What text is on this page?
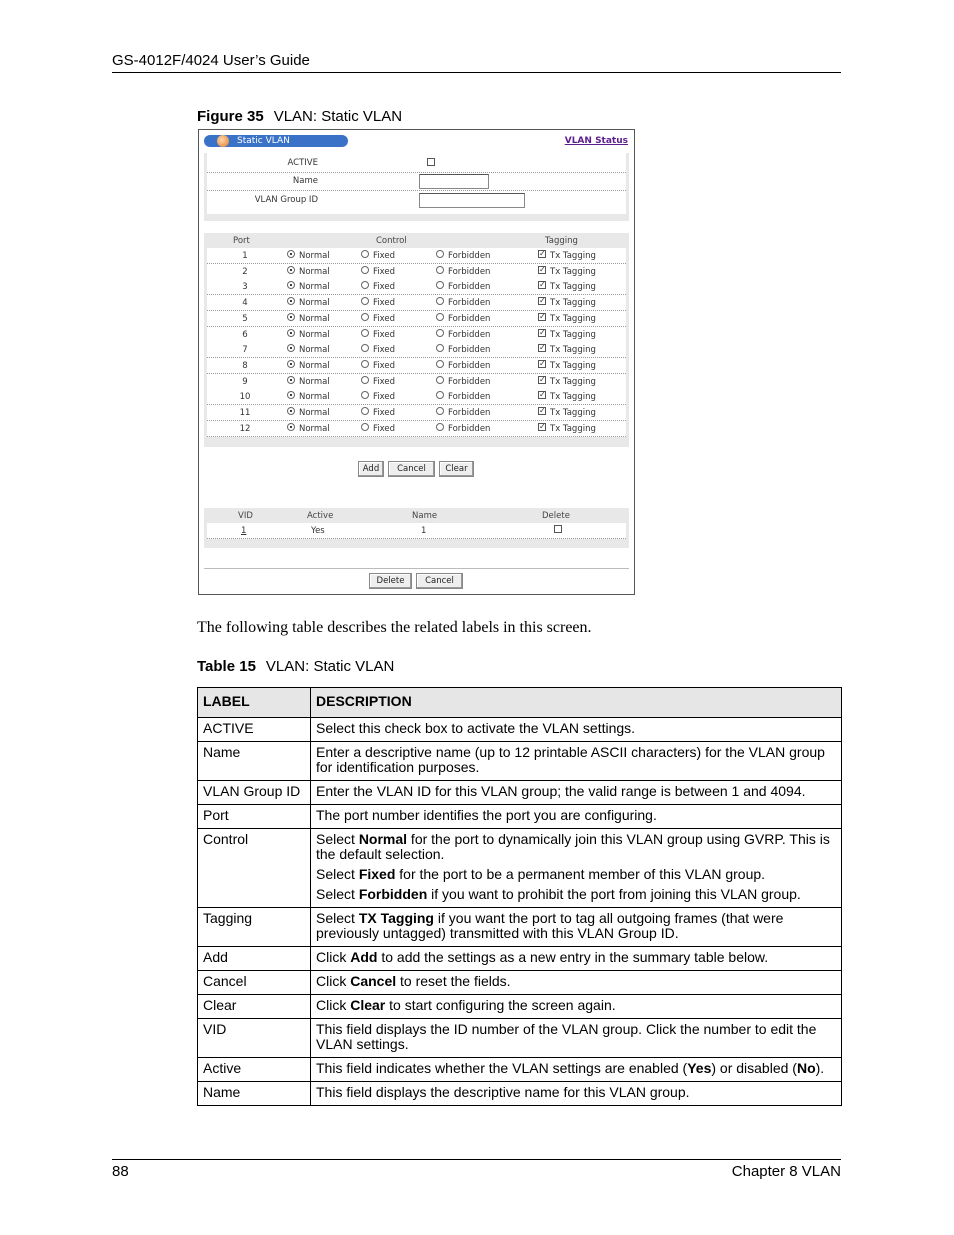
GS-4012F/4024 User’s Guide
Figure 35 VLAN: Static VLAN
Static VLAN	VLAN Status
ACTIVE
Name
VLAN Group ID
Port	Control	Tagging
1	Normal	Fixed	Forbidden	✓ Tx Tagging
2	Normal	Fixed	Forbidden	✓ Tx Tagging
3	Normal	Fixed	Forbidden	✓ Tx Tagging
4	Normal	Fixed	Forbidden	✓ Tx Tagging
5	Normal	Fixed	Forbidden	✓ Tx Tagging
6	Normal	Fixed	Forbidden	✓ Tx Tagging
7	Normal	Fixed	Forbidden	✓ Tx Tagging
8	Normal	Fixed	Forbidden	✓ Tx Tagging
9	Normal	Fixed	Forbidden	✓ Tx Tagging
10	Normal	Fixed	Forbidden	✓ Tx Tagging
11	Normal	Fixed	Forbidden	✓ Tx Tagging
12	Normal	Fixed	Forbidden	✓ Tx Tagging
Add	Cancel	Clear
VID	Active	Name	Delete
1	Yes	1
Delete	Cancel

The following table describes the related labels in this screen.

Table 15 VLAN: Static VLAN
LABEL	DESCRIPTION
ACTIVE	Select this check box to activate the VLAN settings.

Name	Enter a descriptive name (up to 12 printable ASCII characters) for the VLAN group for identification purposes.

VLAN Group ID	Enter the VLAN ID for this VLAN group; the valid range is between 1 and 4094.

Port	The port number identifies the port you are configuring.

Control	Select Normal for the port to dynamically join this VLAN group using GVRP. This is the default selection.

Select Fixed for the port to be a permanent member of this VLAN group.

Select Forbidden if you want to prohibit the port from joining this VLAN group.

Tagging	Select TX Tagging if you want the port to tag all outgoing frames (that were previously untagged) transmitted with this VLAN Group ID.

Add	Click Add to add the settings as a new entry in the summary table below.

Cancel	Click Cancel to reset the fields.

Clear	Click Clear to start configuring the screen again.

VID	This field displays the ID number of the VLAN group. Click the number to edit the VLAN settings.

Active	This field indicates whether the VLAN settings are enabled (Yes) or disabled (No).

Name	This field displays the descriptive name for this VLAN group.

88	Chapter 8 VLAN
